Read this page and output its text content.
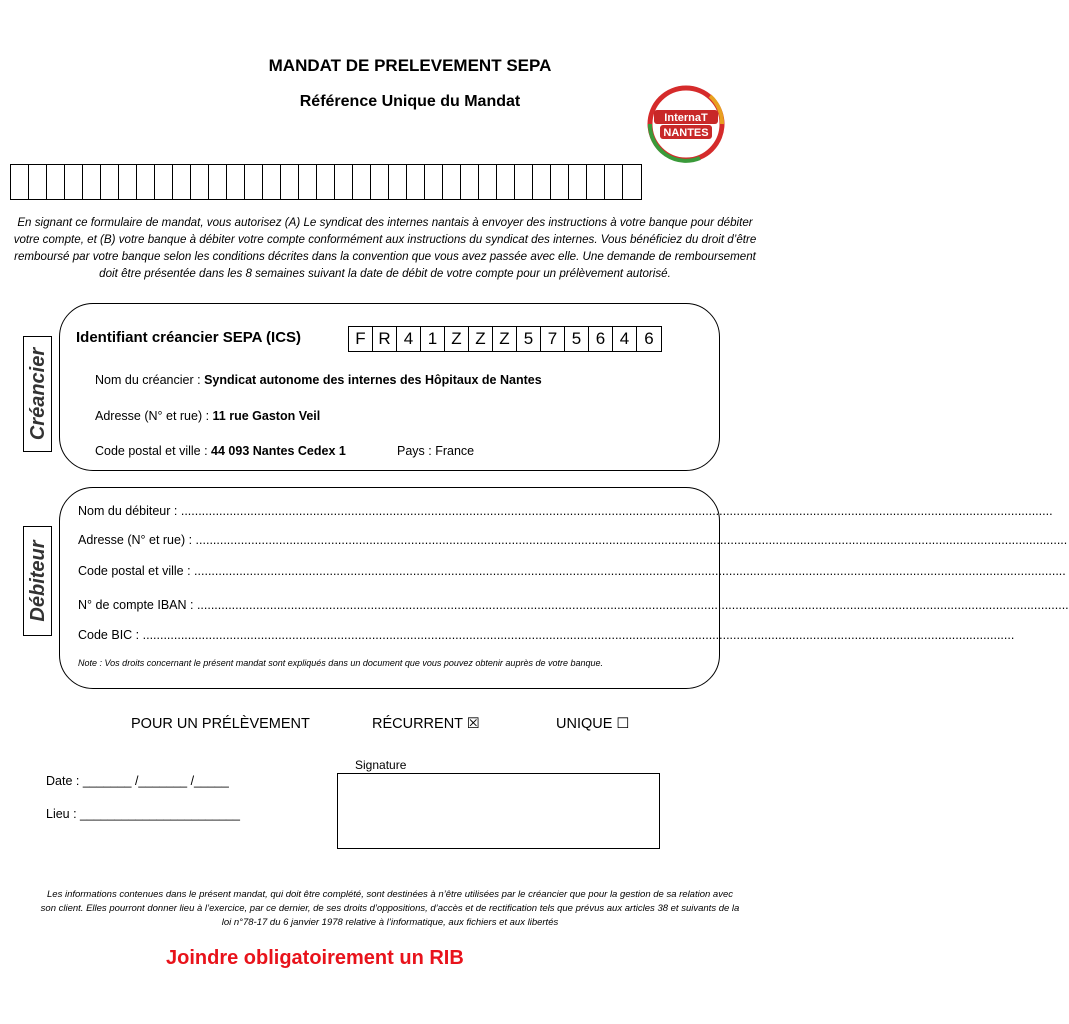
MANDAT DE PRELEVEMENT SEPA
Référence Unique du Mandat
InternaT
NANTES
En signant ce formulaire de mandat, vous autorisez (A) Le syndicat des internes nantais à envoyer des instructions à votre banque pour débiter votre compte, et (B) votre banque à débiter votre compte conformément aux instructions du syndicat des internes. Vous bénéficiez du droit d’être remboursé par votre banque selon les conditions décrites dans la convention que vous avez passée avec elle. Une demande de remboursement doit être présentée dans les 8 semaines suivant la date de débit de votre compte pour un prélèvement autorisé.
Créancier
Identifiant créancier SEPA (ICS)	F R 4 1 Z Z Z 5 7 5 6 4 6
Nom du créancier : Syndicat autonome des internes des Hôpitaux de Nantes
Adresse (N° et rue) : 11 rue Gaston Veil
Code postal et ville : 44 093 Nantes Cedex 1	Pays : France
Débiteur
Nom du débiteur : ...........................................................................................................................................................................................................................................................
Adresse (N° et rue) : ...........................................................................................................................................................................................................................................................
Code postal et ville : ...........................................................................................................................................................................................................................................................
N° de compte IBAN : ...........................................................................................................................................................................................................................................................
Code BIC : ...........................................................................................................................................................................................................................................................
Note : Vos droits concernant le présent mandat sont expliqués dans un document que vous pouvez obtenir auprès de votre banque.
POUR UN PRÉLÈVEMENT	RÉCURRENT ☒	UNIQUE ☐
Signature
Date : _______ /_______ /_____
Lieu : _______________________
Les informations contenues dans le présent mandat, qui doit être complété, sont destinées à n’être utilisées par le créancier que pour la gestion de sa relation avec son client. Elles pourront donner lieu à l’exercice, par ce dernier, de ses droits d’oppositions, d’accès et de rectification tels que prévus aux articles 38 et suivants de la loi n°78-17 du 6 janvier 1978 relative à l’informatique, aux fichiers et aux libertés
Joindre obligatoirement un RIB
